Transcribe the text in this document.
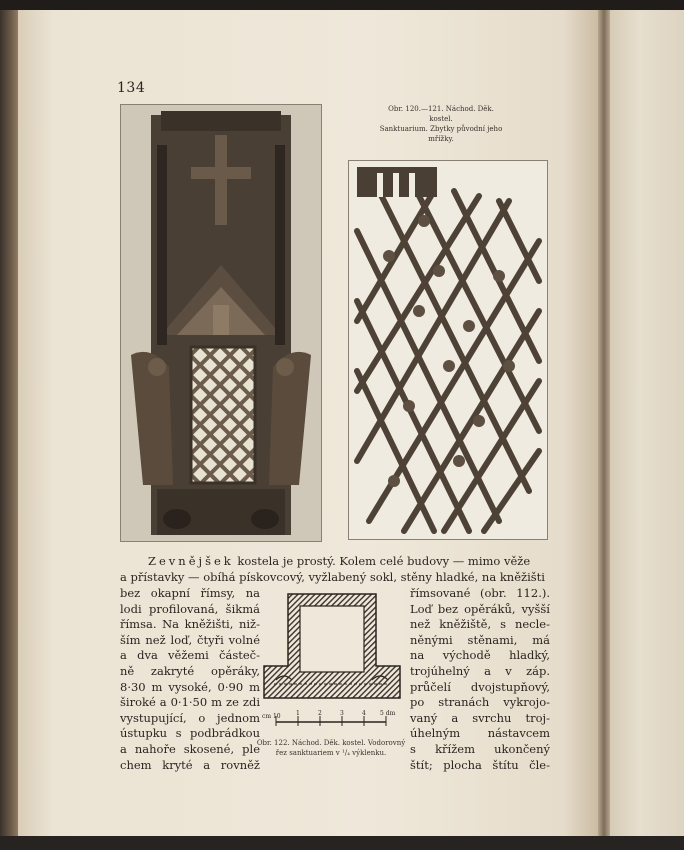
134
Obr. 120.—121. Náchod. Děk. kostel.
Sanktuarium. Zbytky původní jeho
mřížky.
Zevnějšek kostela je prostý. Kolem celé budovy — mimo věže
a přístavky — obíhá pískovcový, vyžlabený sokl, stěny hladké, na kněžišti
bez okapní římsy, na
lodi profilovaná, šikmá
římsa. Na kněžišti, niž-
ším než loď, čtyři volné
a dva věžemi částeč-
ně zakryté opěráky,
8·30 m vysoké, 0·90 m
široké a 0·1·50 m ze zdi
vystupující, o jednom
ústupku s podbrádkou
a nahoře skosené, ple
chem kryté a rovněž
římsované (obr. 112.).
Loď bez opěráků, vyšší
než kněžiště, s necle-
něnými stěnami, má
na východě hladký,
trojúhelný a v záp.
průčelí dvojstupňový,
po stranách vykrojo-
vaný a svrchu troj-
úhelným nástavcem
s křížem ukončený
štít; plocha štítu čle-
cm 10	1	2	3	4 5 dm
Obr. 122. Náchod. Děk. kostel. Vodorovný
řez sanktuariem v ¹/₄ výklenku.
